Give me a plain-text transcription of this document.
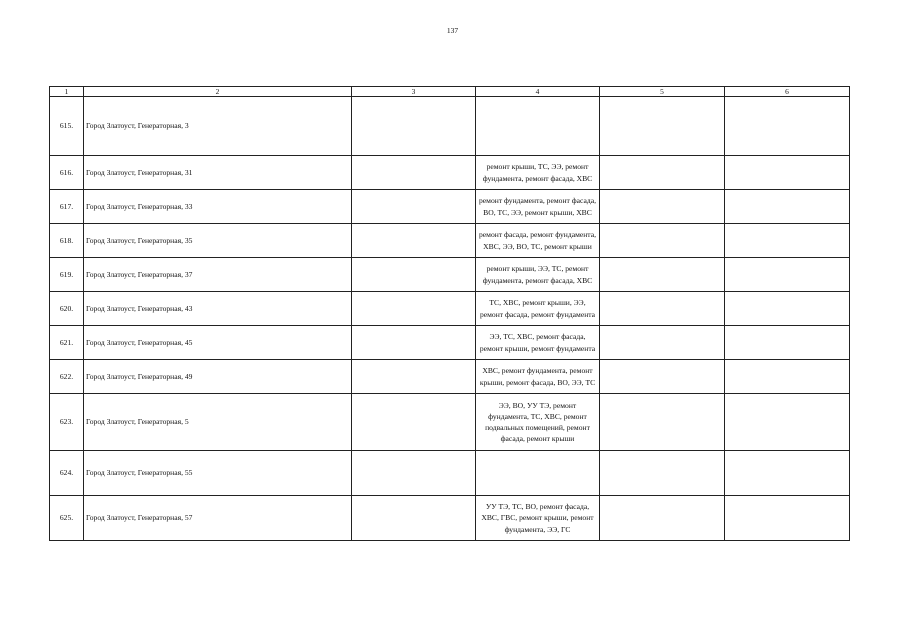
137
1	2	3	4	5	6
615.	Город Златоуст, Генераторная, 3				
616.	Город Златоуст, Генераторная, 31		ремонт крыши, ТС, ЭЭ, ремонт фундамента, ремонт фасада, ХВС		
617.	Город Златоуст, Генераторная, 33		ремонт фундамента, ремонт фасада, ВО, ТС, ЭЭ, ремонт крыши, ХВС		
618.	Город Златоуст, Генераторная, 35		ремонт фасада, ремонт фундамента, ХВС, ЭЭ, ВО, ТС, ремонт крыши		
619.	Город Златоуст, Генераторная, 37		ремонт крыши, ЭЭ, ТС, ремонт фундамента, ремонт фасада, ХВС		
620.	Город Златоуст, Генераторная, 43		ТС, ХВС, ремонт крыши, ЭЭ, ремонт фасада, ремонт фундамента		
621.	Город Златоуст, Генераторная, 45		ЭЭ, ТС, ХВС, ремонт фасада, ремонт крыши, ремонт фундамента		
622.	Город Златоуст, Генераторная, 49		ХВС, ремонт фундамента, ремонт крыши, ремонт фасада, ВО, ЭЭ, ТС		
623.	Город Златоуст, Генераторная, 5		ЭЭ, ВО, УУ ТЭ, ремонт фундамента, ТС, ХВС, ремонт подвальных помещений, ремонт фасада, ремонт крыши		
624.	Город Златоуст, Генераторная, 55				
625.	Город Златоуст, Генераторная, 57		УУ ТЭ, ТС, ВО, ремонт фасада, ХВС, ГВС, ремонт крыши, ремонт фундамента, ЭЭ, ГС		
